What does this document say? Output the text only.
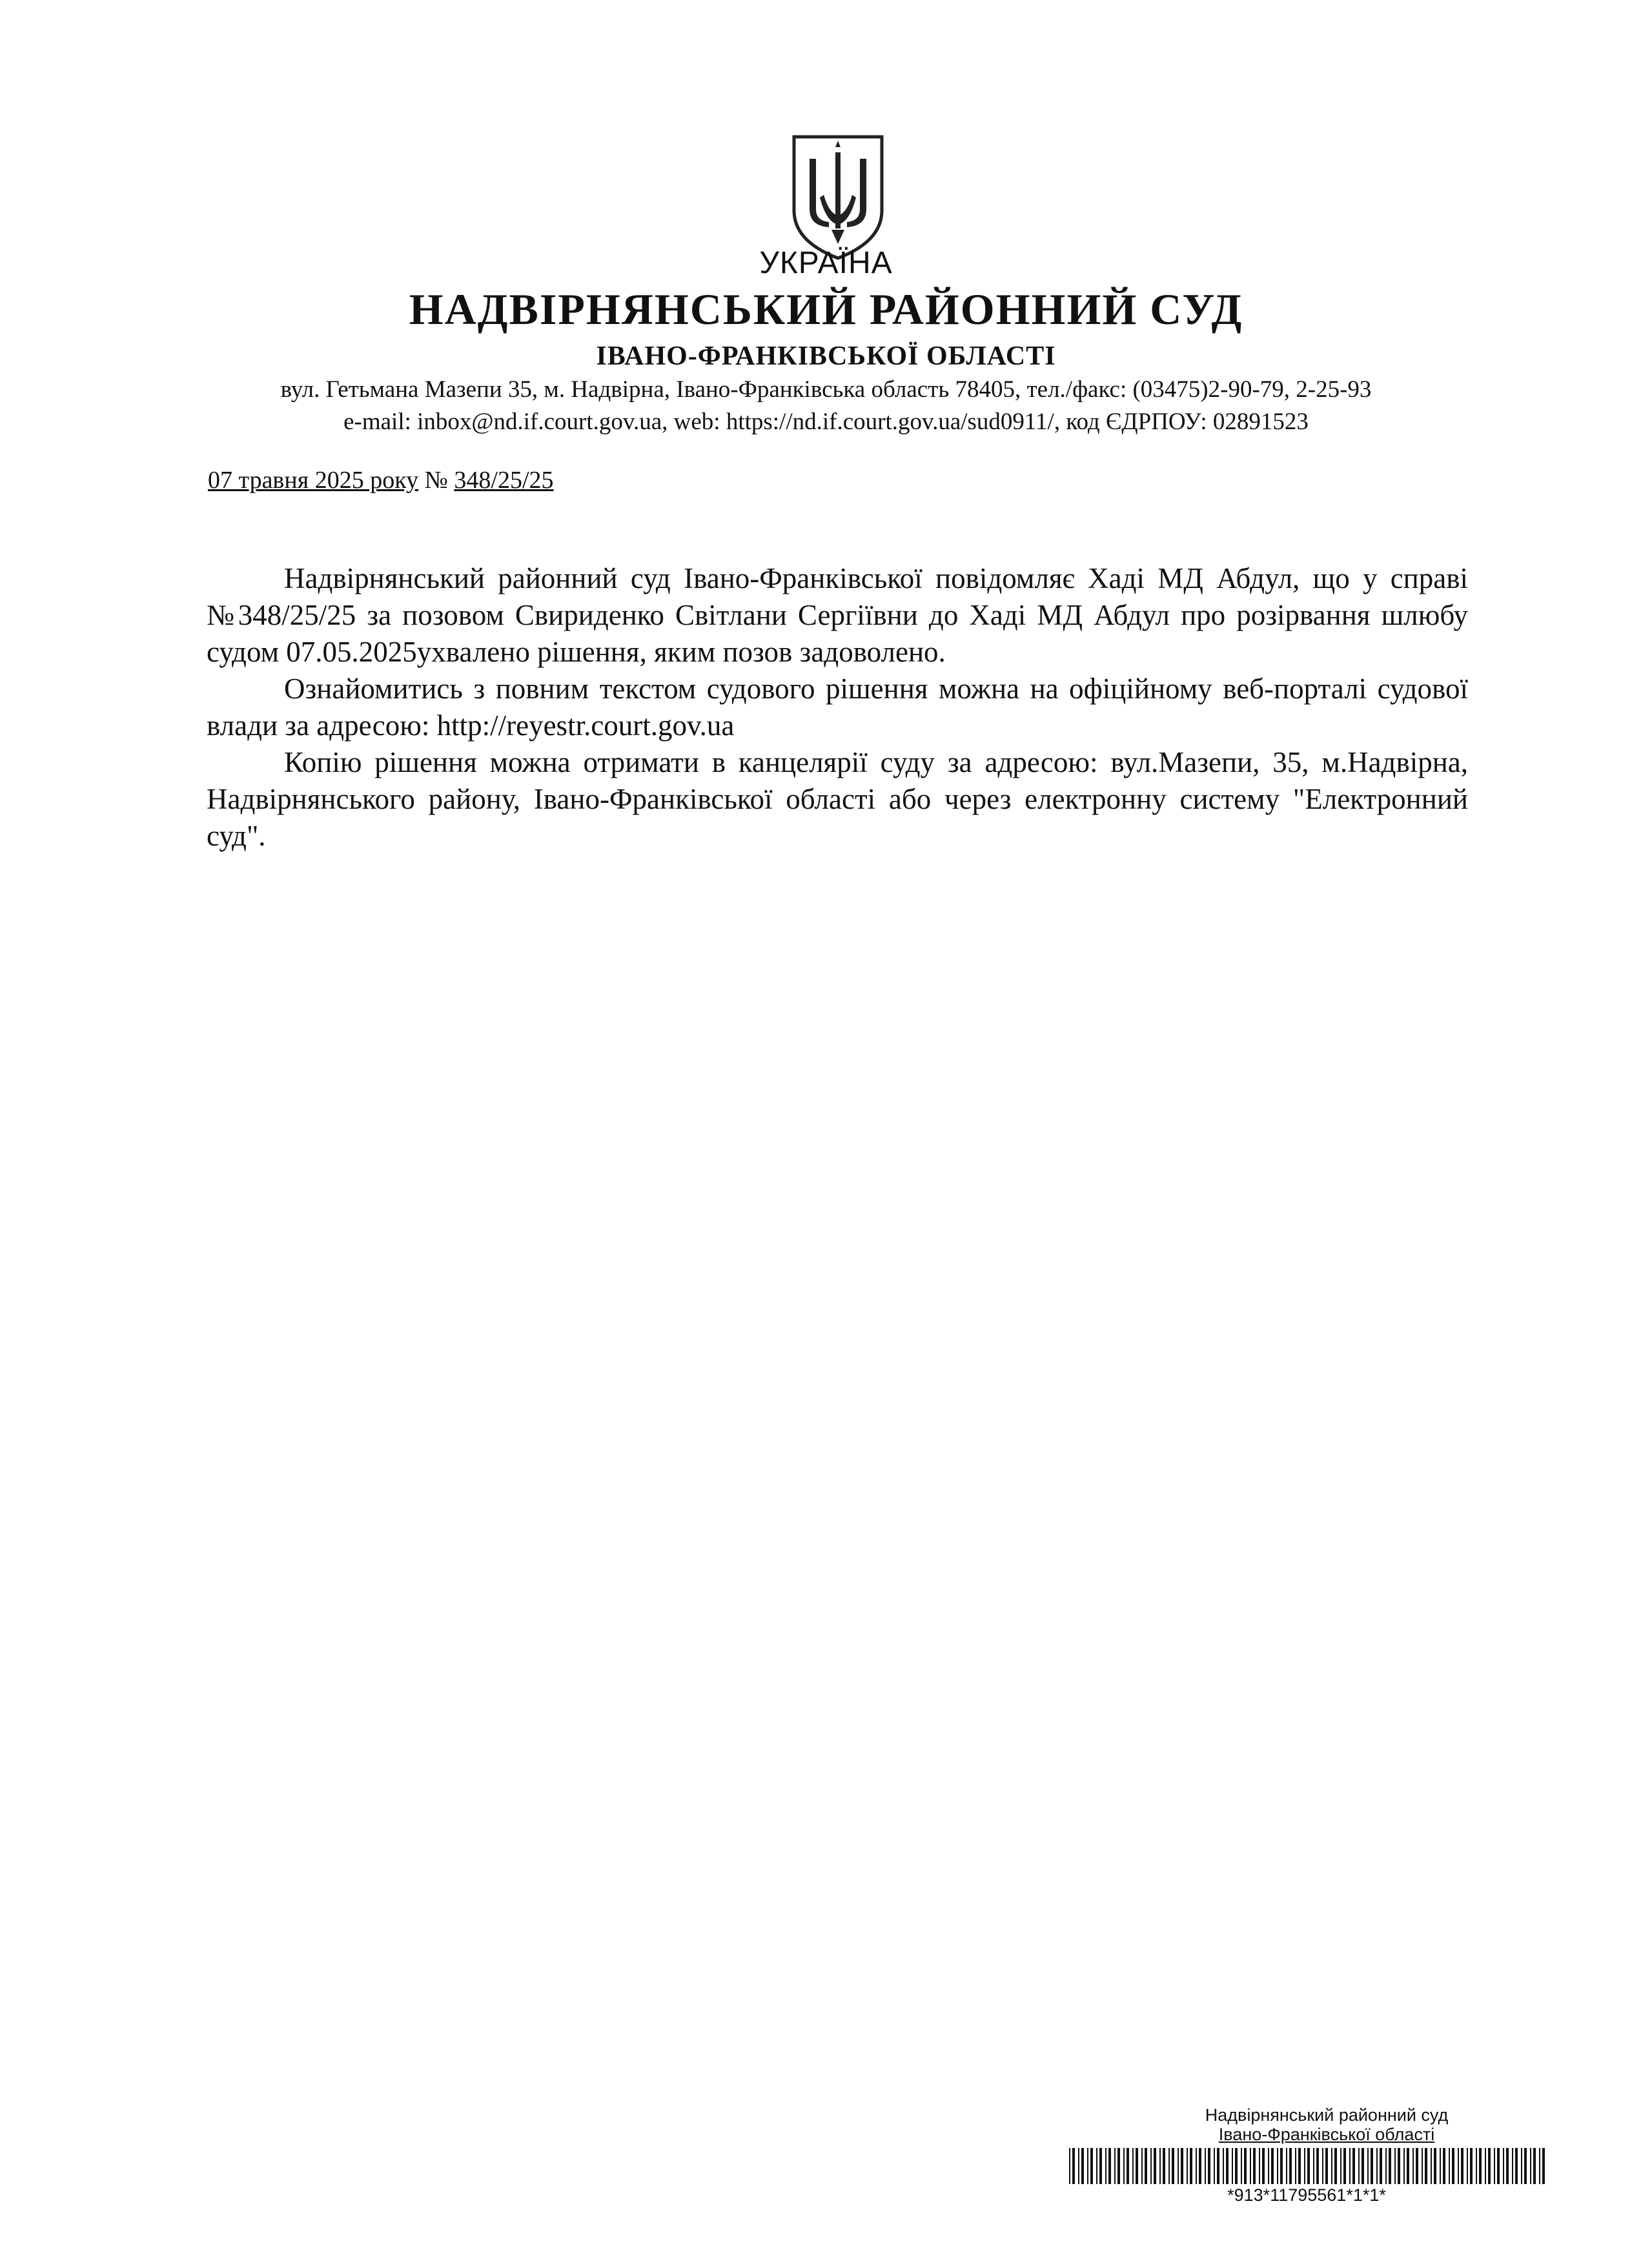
УКРАЇНА
НАДВІРНЯНСЬКИЙ РАЙОННИЙ СУД
ІВАНО-ФРАНКІВСЬКОЇ ОБЛАСТІ
вул. Гетьмана Мазепи 35, м. Надвірна, Івано-Франківська область 78405, тел./факс: (03475)2-90-79, 2-25-93
e-mail: inbox@nd.if.court.gov.ua, web: https://nd.if.court.gov.ua/sud0911/, код ЄДРПОУ: 02891523
07 травня 2025 року № 348/25/25

Надвірнянський районний суд Івано-Франківської повідомляє Хаді МД Абдул, що у справі №348/25/25 за позовом Свириденко Світлани Сергіївни до Хаді МД Абдул про розірвання шлюбу судом 07.05.2025ухвалено рішення, яким позов задоволено.

Ознайомитись з повним текстом судового рішення можна на офіційному веб-порталі судової влади за адресою: http://reyestr.court.gov.ua

Копію рішення можна отримати в канцелярії суду за адресою: вул.Мазепи, 35, м.Надвірна, Надвірнянського району, Івано-Франківської області або через електронну систему "Електронний суд".

Надвірнянський районний суд
Івано-Франківської області
*913*11795561*1*1*
